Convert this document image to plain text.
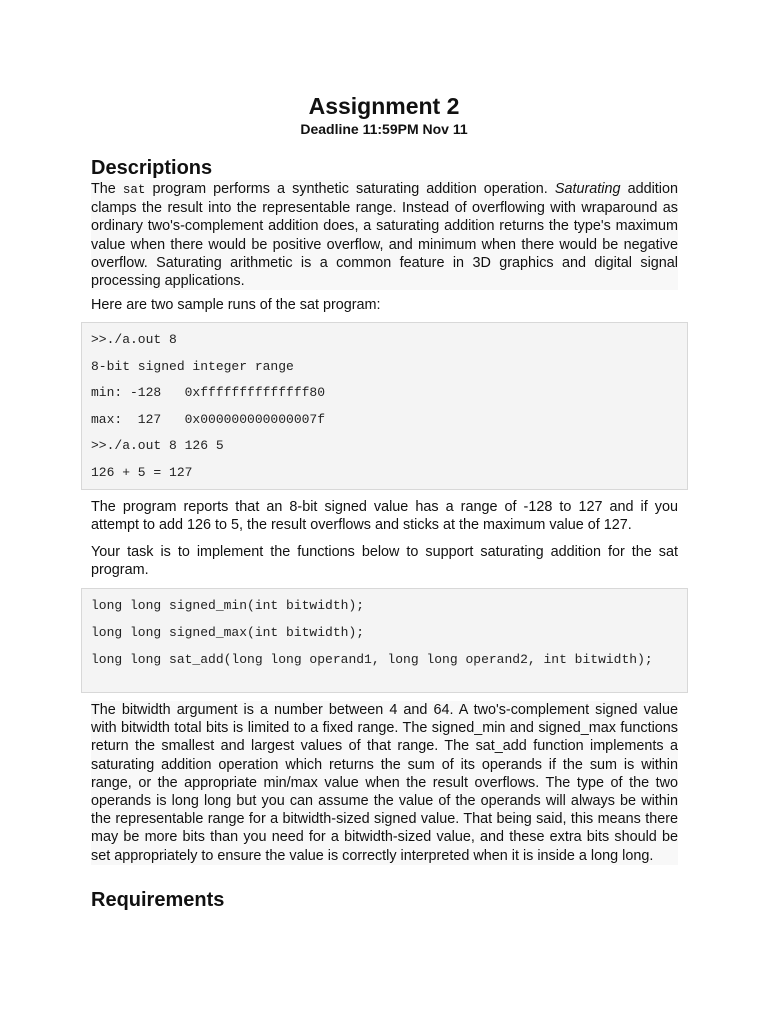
Assignment 2
Deadline 11:59PM Nov 11
Descriptions
The sat program performs a synthetic saturating addition operation. Saturating addition clamps the result into the representable range. Instead of overflowing with wraparound as ordinary two's-complement addition does, a saturating addition returns the type's maximum value when there would be positive overflow, and minimum when there would be negative overflow. Saturating arithmetic is a common feature in 3D graphics and digital signal processing applications.
Here are two sample runs of the sat program:
>>./a.out 8
8-bit signed integer range
min: -128   0xffffffffffffff80
max:  127   0x000000000000007f
>>./a.out 8 126 5
126 + 5 = 127
The program reports that an 8-bit signed value has a range of -128 to 127 and if you attempt to add 126 to 5, the result overflows and sticks at the maximum value of 127.
Your task is to implement the functions below to support saturating addition for the sat program.
long long signed_min(int bitwidth);
long long signed_max(int bitwidth);
long long sat_add(long long operand1, long long operand2, int bitwidth);
The bitwidth argument is a number between 4 and 64. A two's-complement signed value with bitwidth total bits is limited to a fixed range. The signed_min and signed_max functions return the smallest and largest values of that range. The sat_add function implements a saturating addition operation which returns the sum of its operands if the sum is within range, or the appropriate min/max value when the result overflows. The type of the two operands is long long but you can assume the value of the operands will always be within the representable range for a bitwidth-sized signed value. That being said, this means there may be more bits than you need for a bitwidth-sized value, and these extra bits should be set appropriately to ensure the value is correctly interpreted when it is inside a long long.
Requirements
